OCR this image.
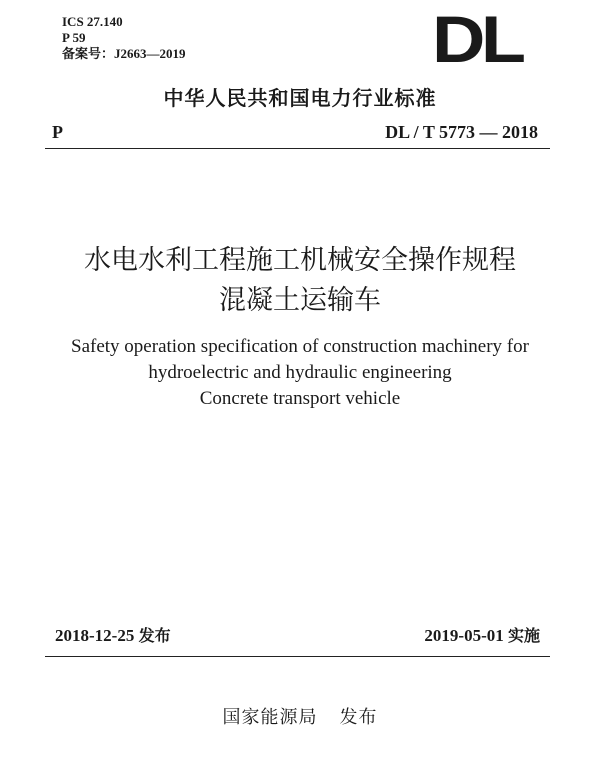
ICS 27.140
P 59
备案号：J2663—2019	DL
中华人民共和国电力行业标准
P	DL / T 5773 — 2018
水电水利工程施工机械安全操作规程
混凝土运输车
Safety operation specification of construction machinery for
hydroelectric and hydraulic engineering
Concrete transport vehicle
2018-12-25 发布	2019-05-01 实施
国家能源局 发布
